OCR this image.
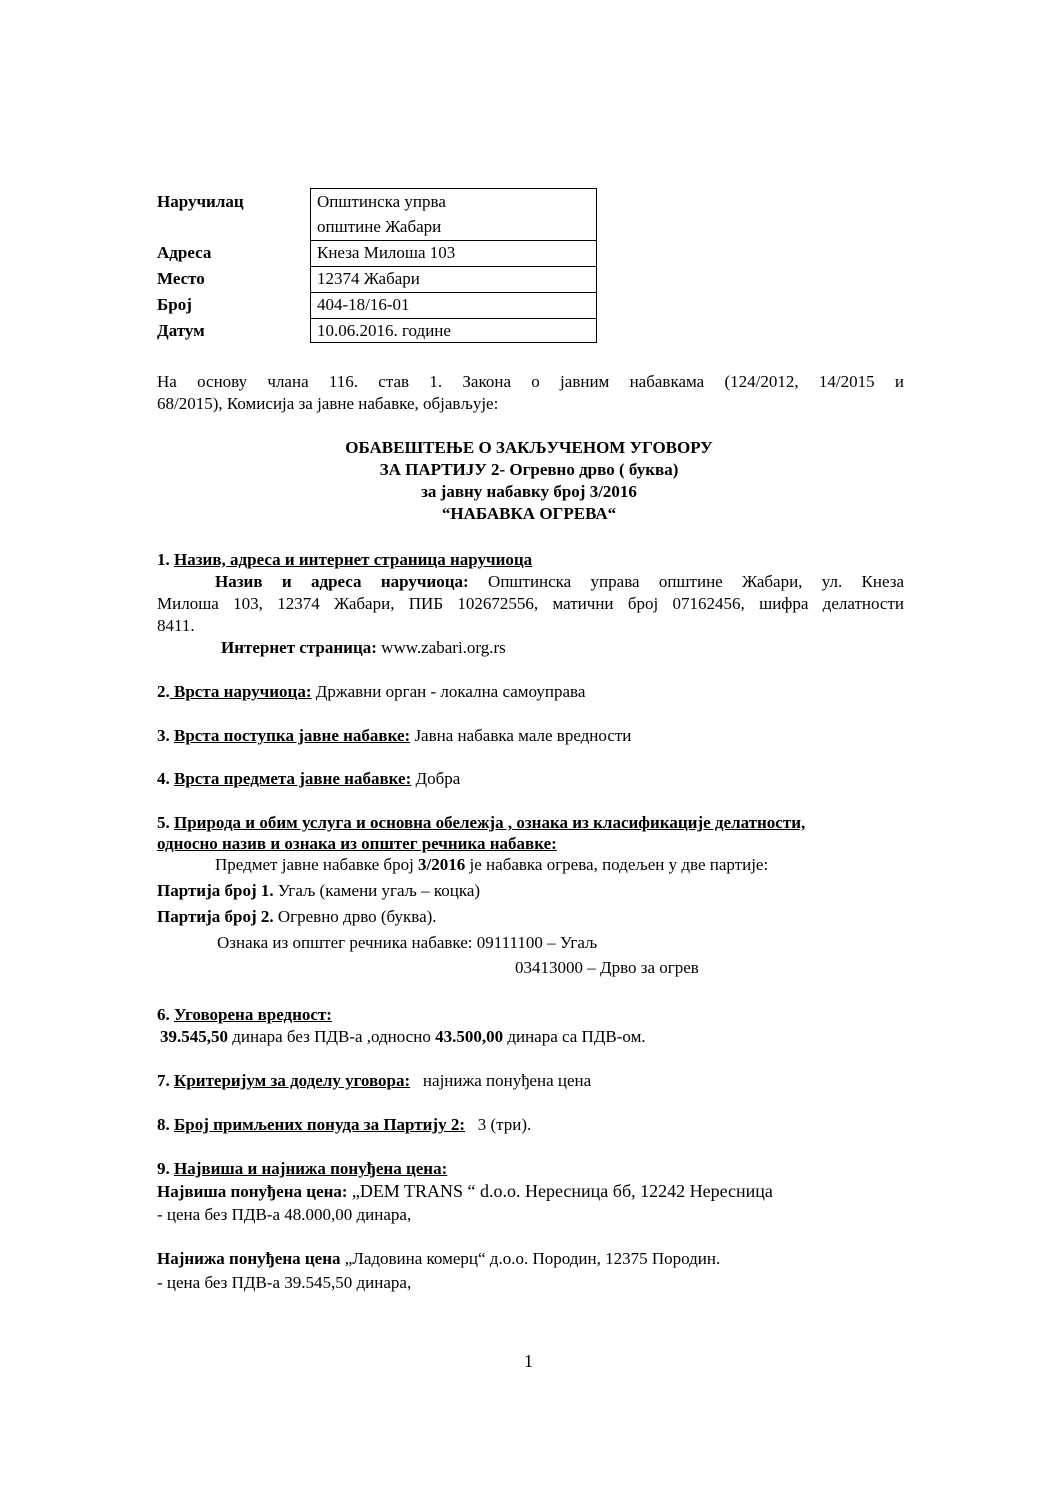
Наручилац
Адреса
Место
Број
Датум
Општинска упрва
општине Жабари
Кнеза Милоша 103
12374 Жабари
404-18/16-01
10.06.2016. године
На основу члана 116. став 1. Закона о јавним набавкама (124/2012, 14/2015 и
68/2015), Комисија за јавне набавке, објављује:
ОБАВЕШТЕЊЕ О ЗАКЉУЧЕНОМ УГОВОРУ
ЗА ПАРТИЈУ 2- Огревно дрво ( буква)
за јавну набавку број 3/2016
“НАБАВКА ОГРЕВА“
1. Назив, адреса и интернет страница наручиоца
Назив и адреса наручиоца: Општинска управа општине Жабари, ул. Кнеза
Милоша 103, 12374 Жабари, ПИБ 102672556, матични број 07162456, шифра делатности
8411.
Интернет страница: www.zabari.org.rs
2. Врста наручиоца: Државни орган - локална самоуправа
3. Врста поступка јавне набавке: Јавна набавка мале вредности
4. Врста предмета јавне набавке: Добра
5. Природа и обим услуга и основна обележја , ознака из класификације делатности,
односно назив и ознака из општег речника набавке:
Предмет јавне набавке број 3/2016 је набавка огрева, подељен у две партије:
Партија број 1. Угаљ (камени угаљ – коцка)
Партија број 2. Огревно дрво (буква).
Ознака из општег речника набавке: 09111100 – Угаљ
03413000 – Дрво за огрев
6. Уговорена вредност:
39.545,50 динара без ПДВ-а ,односно 43.500,00 динара са ПДВ-ом.
7. Критеријум за доделу уговора: најнижа понуђена цена
8. Број примљених понуда за Партију 2: 3 (три).
9. Највиша и најнижа понуђена цена:
Највиша понуђена цена: „DEM TRANS “ d.o.o. Нересница бб, 12242 Нересница
- цена без ПДВ-а 48.000,00 динара,
Најнижа понуђена цена „Ладовина комерц“ д.о.о. Породин, 12375 Породин.
- цена без ПДВ-а 39.545,50 динара,
1
